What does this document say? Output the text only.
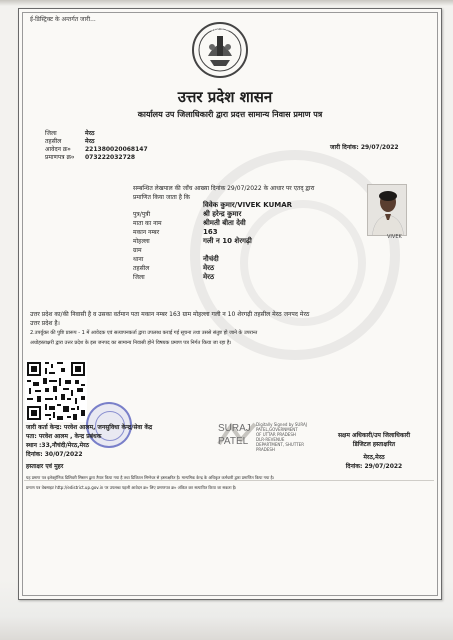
ई-डिस्ट्रिक्ट के अन्तर्गत जारी...
उत्तर प्रदेश
उत्तर प्रदेश शासन
कार्यालय उप जिलाधिकारी द्वारा प्रदत्त सामान्य निवास प्रमाण पत्र
जिला	मेरठ
तहसील	मेरठ
आवेदन क्र०	221380020068147
प्रमाणपत्र क्र०	073222032728
जारी दिनांक: 29/07/2022
सम्बन्धित लेखपाल की जाँच आख्या दिनांक 29/07/2022 के आधार पर एतद् द्वारा
प्रमाणित किया जाता है कि
विवेक कुमार/VIVEK KUMAR
पुत्र/पुत्री	श्री हरेन्द्र कुमार
माता का नाम	श्रीमती बीता देवी
मकान नम्बर	163
मोहल्ला	गली न 10 शेरगढ़ी
ग्राम
थाना	नौचंदी
तहसील	मेरठ
जिला	मेरठ
VIVEK
उत्तर प्रदेश का/की निवासी है व उसका वर्तमान पता मकान नम्बर 163 ग्राम मोहल्ला गली न 10 शेरगढ़ी तहसील मेरठ जनपद मेरठ
उत्तर प्रदेश है।
2.उपर्युक्त की पुष्टि प्रारूप - 1 में आवेदक एवं सत्यापनकर्ता द्वारा उपलब्ध कराई गई सूचना तथा उससे संतुष्ट हो जाने के उपरान्त
अधोहस्ताक्षरी द्वारा उत्तर प्रदेश के इस जनपद का सामान्य निवासी होने विषयक प्रमाण पत्र निर्गत किया जा रहा है।
जारी कर्ता केन्द्र: परवेश आलम, जनसुविधा केन्द्र/सेवा केंद्र
पता: परवेश आलम , केन्द्र प्रबंधक
स्थान :33,नौचंदी/मेरठ,मेरठ
दिनांक: 30/07/2022
हस्ताक्षर एवं मुहर
SURAJ
PATEL
Digitally Signed by SURAJ
PATEL,GOVERNMENT
OF UTTAR PRADESH
DLR-REVENUE
DEPARTMENT, SHUTTER
PRADESH
सक्षम अधिकारी/उप जिलाधिकारी
डिजिटल हस्ताक्षरित
मेरठ,मेरठ
दिनांक: 29/07/2022
यह प्रमाण पत्र इलेक्ट्रॉनिक डिलिवरी सिस्टम द्वारा तैयार किया गया है तथा डिजिटल सिग्नेचर से हस्ताक्षरित है। मान्यमिक केन्द्र के अधिकृत कर्मचारी द्वारा प्रमाणित किया गया है।
प्रमाण पत्र वेबसाइट http://edistrict.up.gov.in पर उपलब्ध पहली आवेदन क्र० लिए प्रमाणपत्र क्र० अंकित कर सत्यापित किया जा सकता है।
